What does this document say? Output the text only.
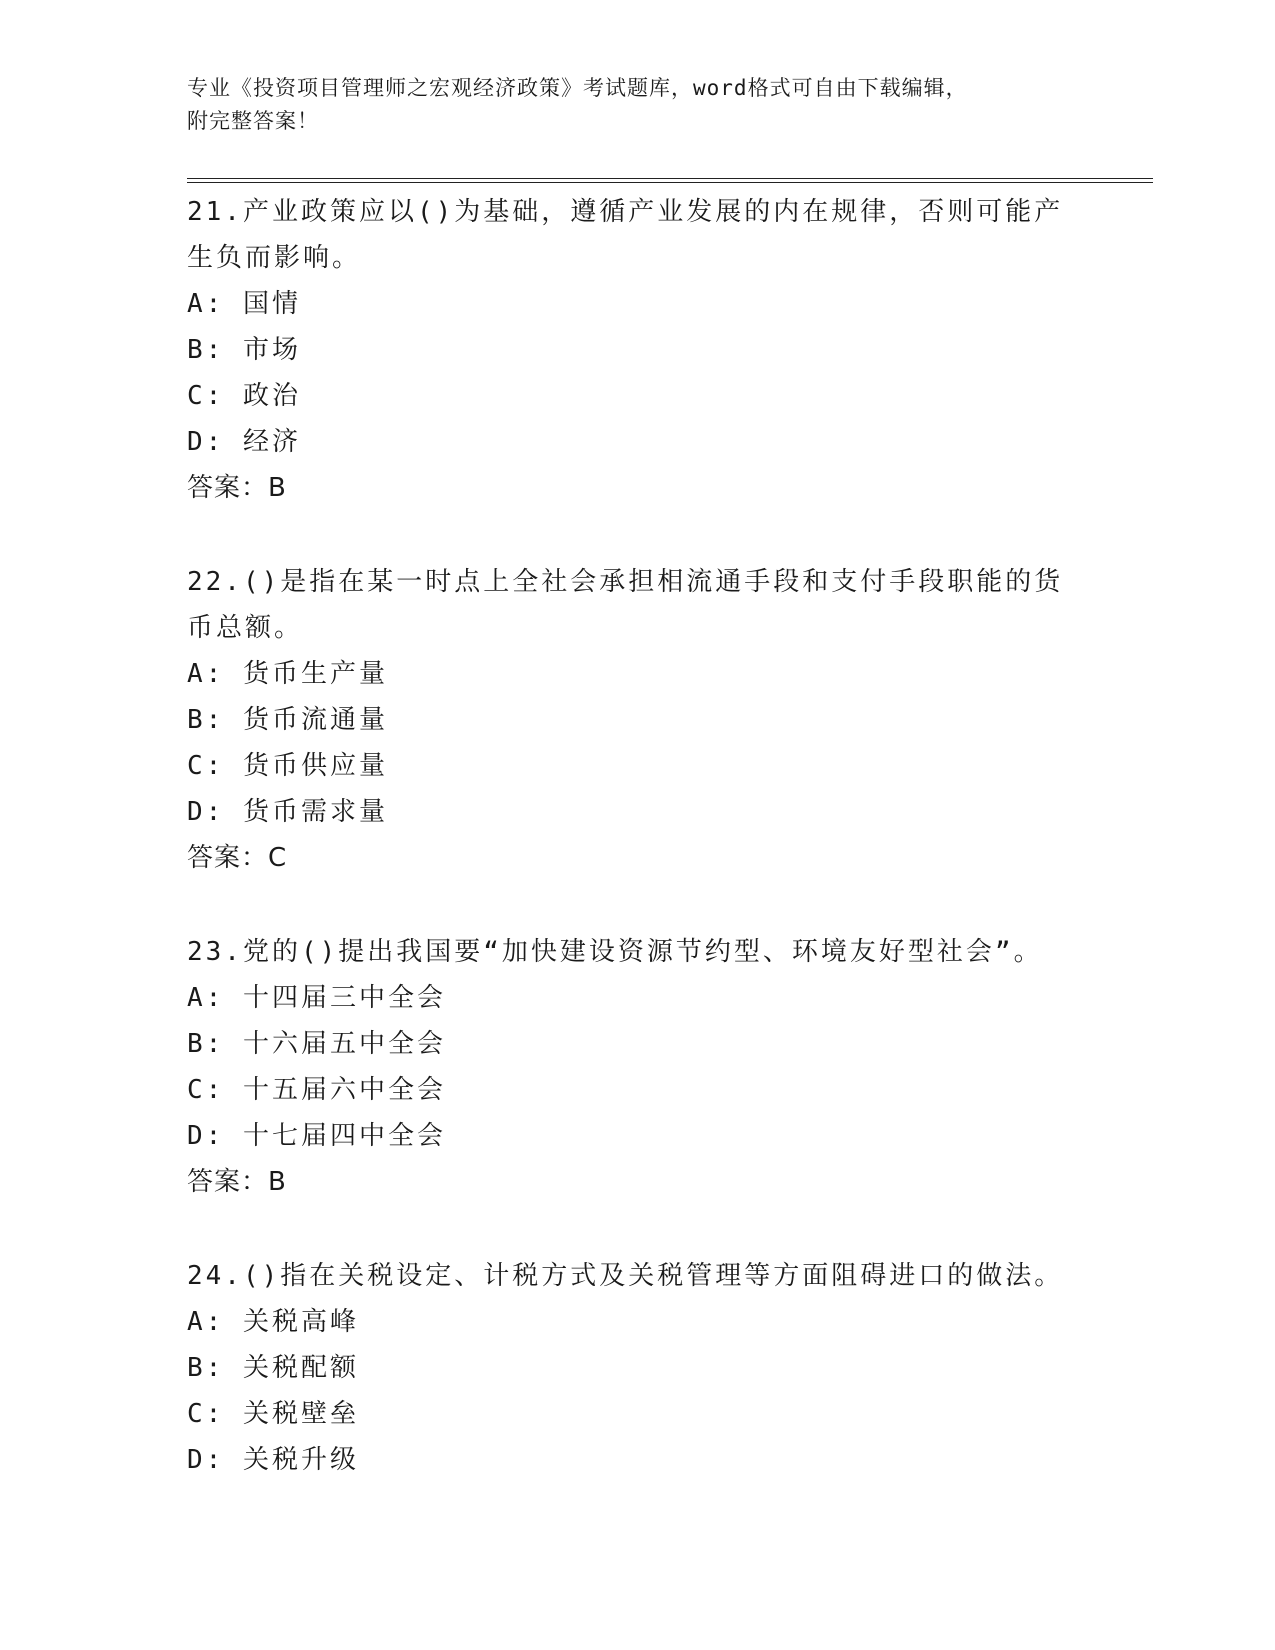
专业《投资项目管理师之宏观经济政策》考试题库，word格式可自由下载编辑，
附完整答案！

21.产业政策应以()为基础，遵循产业发展的内在规律，否则可能产生负而影响。

A: 国情

B: 市场

C: 政治

D: 经济

答案：B

22.()是指在某一时点上全社会承担相流通手段和支付手段职能的货币总额。

A: 货币生产量

B: 货币流通量

C: 货币供应量

D: 货币需求量

答案：C

23.党的()提出我国要“加快建设资源节约型、环境友好型社会”。

A: 十四届三中全会

B: 十六届五中全会

C: 十五届六中全会

D: 十七届四中全会

答案：B

24.()指在关税设定、计税方式及关税管理等方面阻碍进口的做法。

A: 关税高峰

B: 关税配额

C: 关税壁垒

D: 关税升级
